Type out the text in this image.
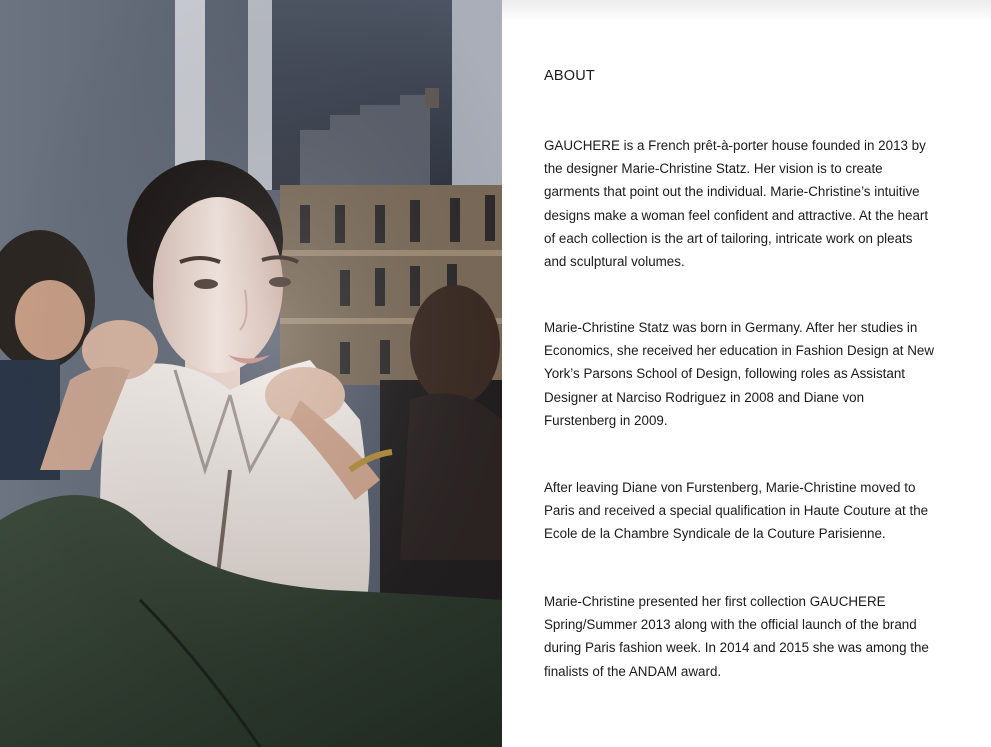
ABOUT

GAUCHERE is a French prêt-à-porter house founded in 2013 by
the designer Marie-Christine Statz. Her vision is to create
garments that point out the individual. Marie-Christine’s intuitive
designs make a woman feel confident and attractive. At the heart
of each collection is the art of tailoring, intricate work on pleats
and sculptural volumes.

Marie-Christine Statz was born in Germany. After her studies in
Economics, she received her education in Fashion Design at New
York’s Parsons School of Design, following roles as Assistant
Designer at Narciso Rodriguez in 2008 and Diane von
Furstenberg in 2009.

After leaving Diane von Furstenberg, Marie-Christine moved to
Paris and received a special qualification in Haute Couture at the
Ecole de la Chambre Syndicale de la Couture Parisienne.

Marie-Christine presented her first collection GAUCHERE
Spring/Summer 2013 along with the official launch of the brand
during Paris fashion week. In 2014 and 2015 she was among the
finalists of the ANDAM award.
